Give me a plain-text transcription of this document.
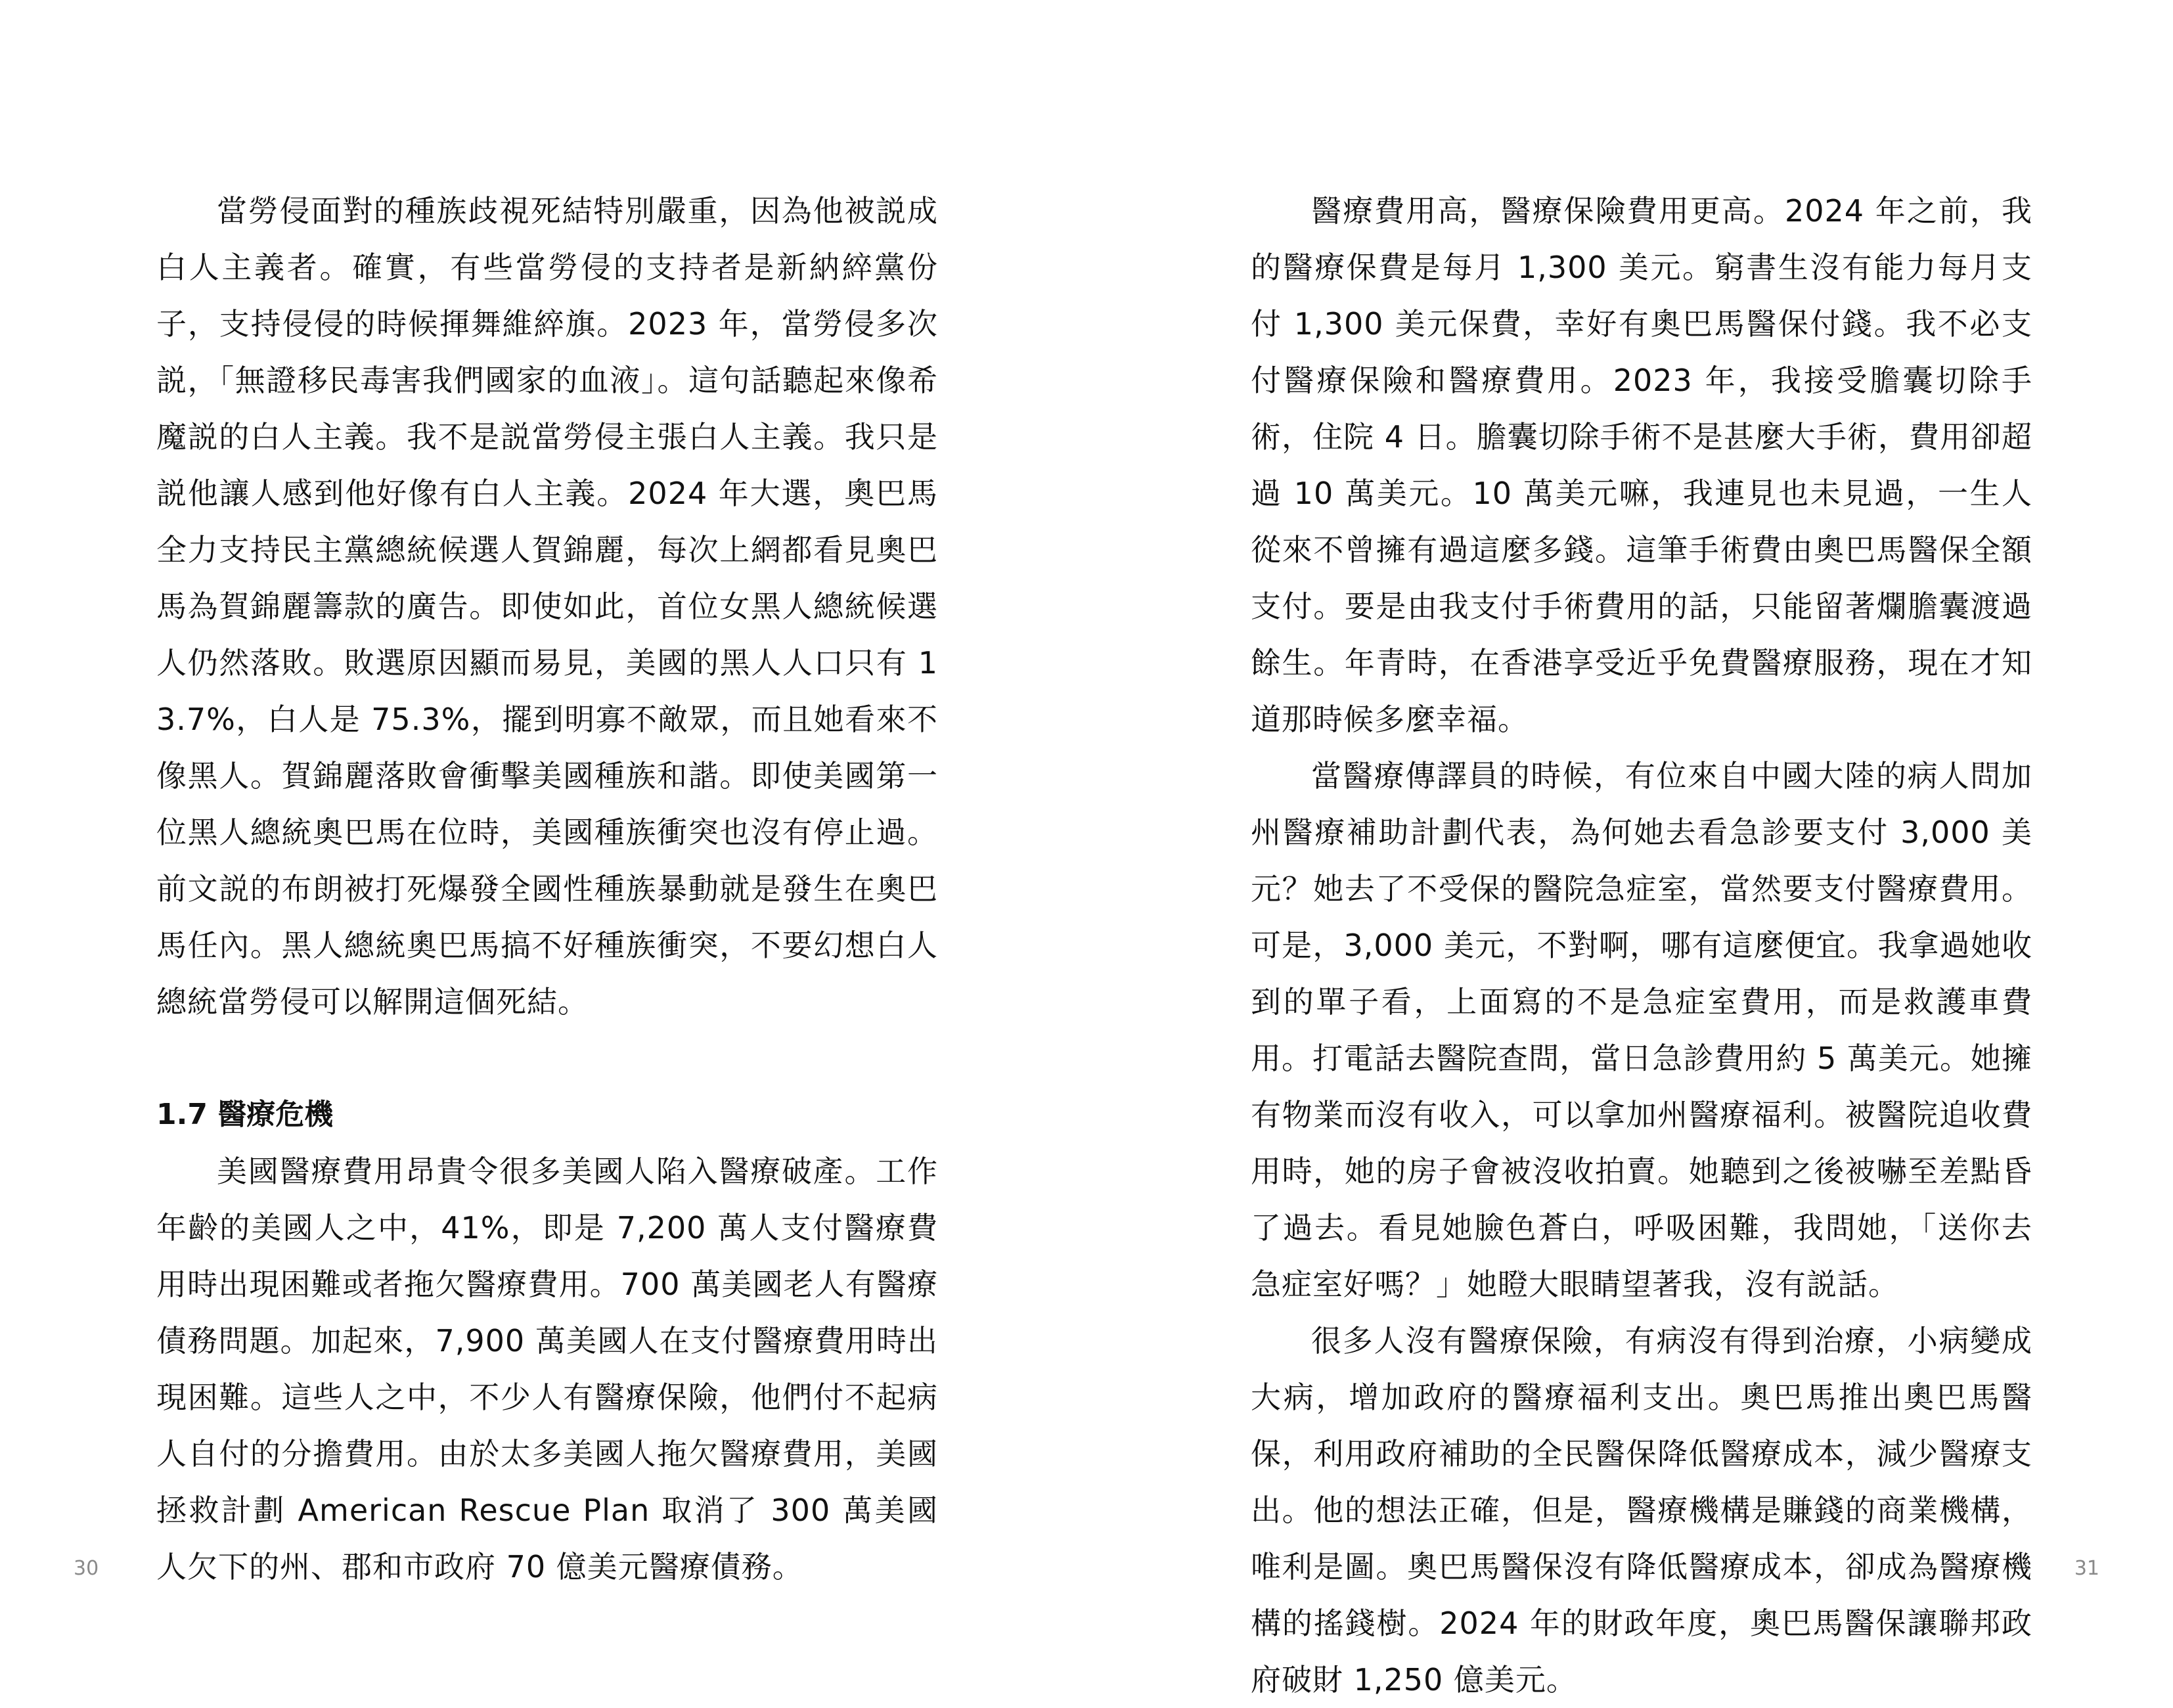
當勞侵面對的種族歧視死結特別嚴重，因為他被説成白人主義者。確實，有些當勞侵的支持者是新納綷黨份子，支持侵侵的時候揮舞維綷旗。2023 年，當勞侵多次説，「無證移民毒害我們國家的血液」。這句話聽起來像希魔説的白人主義。我不是説當勞侵主張白人主義。我只是説他讓人感到他好像有白人主義。2024 年大選，奧巴馬全力支持民主黨總統候選人賀錦麗，每次上網都看見奧巴馬為賀錦麗籌款的廣告。即使如此，首位女黑人總統候選人仍然落敗。敗選原因顯而易見，美國的黑人人口只有 13.7%，白人是 75.3%，擺到明寡不敵眾，而且她看來不像黑人。賀錦麗落敗會衝擊美國種族和諧。即使美國第一位黑人總統奧巴馬在位時，美國種族衝突也沒有停止過。前文説的布朗被打死爆發全國性種族暴動就是發生在奧巴馬任內。黑人總統奧巴馬搞不好種族衝突，不要幻想白人總統當勞侵可以解開這個死結。

1.7 醫療危機

美國醫療費用昂貴令很多美國人陷入醫療破產。工作年齡的美國人之中，41%，即是 7,200 萬人支付醫療費用時出現困難或者拖欠醫療費用。700 萬美國老人有醫療債務問題。加起來，7,900 萬美國人在支付醫療費用時出現困難。這些人之中，不少人有醫療保險，他們付不起病人自付的分擔費用。由於太多美國人拖欠醫療費用，美國拯救計劃 American Rescue Plan 取消了 300 萬美國人欠下的州、郡和市政府 70 億美元醫療債務。

30

醫療費用高，醫療保險費用更高。2024 年之前，我的醫療保費是每月 1,300 美元。窮書生沒有能力每月支付 1,300 美元保費，幸好有奧巴馬醫保付錢。我不必支付醫療保險和醫療費用。2023 年，我接受膽囊切除手術，住院 4 日。膽囊切除手術不是甚麼大手術，費用卻超過 10 萬美元。10 萬美元嘛，我連見也未見過，一生人從來不曾擁有過這麼多錢。這筆手術費由奧巴馬醫保全額支付。要是由我支付手術費用的話，只能留著爛膽囊渡過餘生。年青時，在香港享受近乎免費醫療服務，現在才知道那時候多麼幸福。

當醫療傳譯員的時候，有位來自中國大陸的病人問加州醫療補助計劃代表，為何她去看急診要支付 3,000 美元？她去了不受保的醫院急症室，當然要支付醫療費用。可是，3,000 美元，不對啊，哪有這麼便宜。我拿過她收到的單子看，上面寫的不是急症室費用，而是救護車費用。打電話去醫院查問，當日急診費用約 5 萬美元。她擁有物業而沒有收入，可以拿加州醫療福利。被醫院追收費用時，她的房子會被沒收拍賣。她聽到之後被嚇至差點昏了過去。看見她臉色蒼白，呼吸困難，我問她，「送你去急症室好嗎？」她瞪大眼睛望著我，沒有説話。

很多人沒有醫療保險，有病沒有得到治療，小病變成大病，增加政府的醫療福利支出。奧巴馬推出奧巴馬醫保，利用政府補助的全民醫保降低醫療成本，減少醫療支出。他的想法正確，但是，醫療機構是賺錢的商業機構，唯利是圖。奧巴馬醫保沒有降低醫療成本，卻成為醫療機構的搖錢樹。2024 年的財政年度，奧巴馬醫保讓聯邦政府破財 1,250 億美元。

31
